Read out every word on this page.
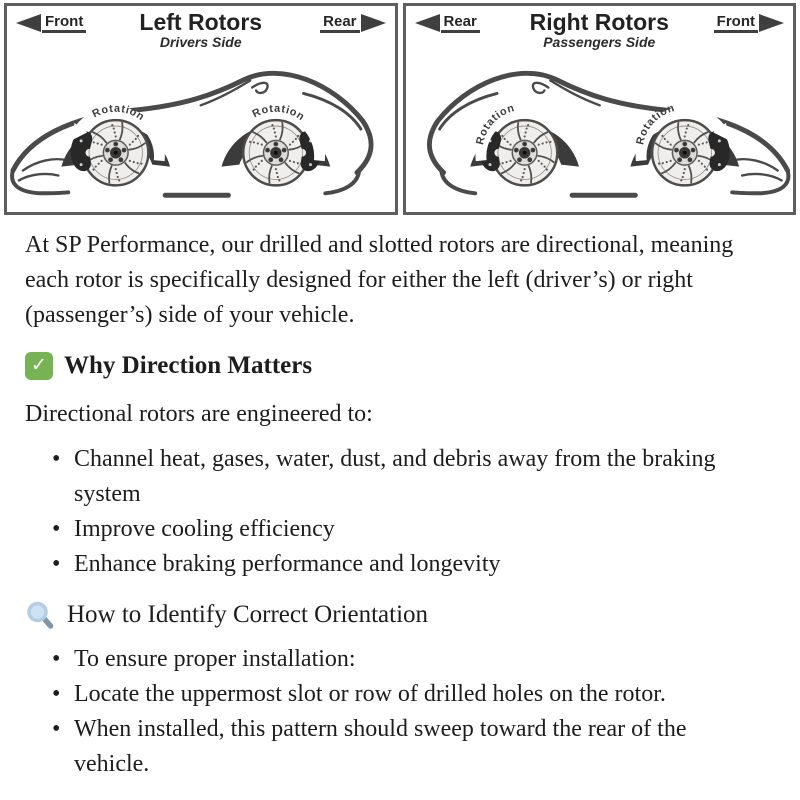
Front	Rear
Left Rotors
Drivers Side
Rotation	Rotation
Rear	Front
Right Rotors
Passengers Side
Rotation
Rotation

At SP Performance, our drilled and slotted rotors are directional, meaning each rotor is specifically designed for either the left (driver’s) or right (passenger’s) side of your vehicle.

✓ Why Direction Matters

Directional rotors are engineered to:

• Channel heat, gases, water, dust, and debris away from the braking system
• Improve cooling efficiency
• Enhance braking performance and longevity
How to Identify Correct Orientation
• To ensure proper installation:
• Locate the uppermost slot or row of drilled holes on the rotor.
• When installed, this pattern should sweep toward the rear of the vehicle.
